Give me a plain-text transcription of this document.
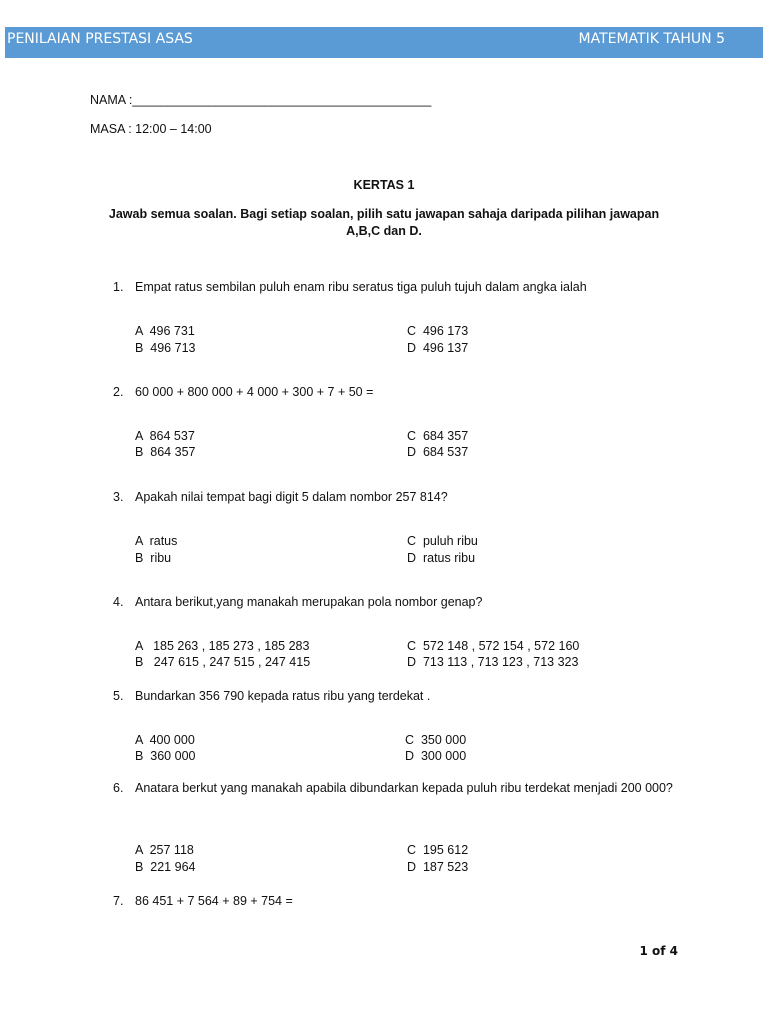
PENILAIAN PRESTASI ASAS	MATEMATIK TAHUN 5
NAMA :___________________________________________
MASA : 12:00 – 14:00
KERTAS 1
Jawab semua soalan. Bagi setiap soalan, pilih satu jawapan sahaja daripada pilihan jawapan A,B,C dan D.
1. Empat ratus sembilan puluh enam ribu seratus tiga puluh tujuh dalam angka ialah
A  496 731
B  496 713
C  496 173
D  496 137
2. 60 000 + 800 000 + 4 000 + 300 + 7 + 50 =
A  864 537
B  864 357
C  684 357
D  684 537
3. Apakah nilai tempat bagi digit 5 dalam nombor 257 814?
A  ratus
B  ribu
C  puluh ribu
D  ratus ribu
4. Antara berikut,yang manakah merupakan pola nombor genap?
A   185 263 , 185 273 , 185 283
B   247 615 , 247 515 , 247 415
C  572 148 , 572 154 , 572 160
D  713 113 , 713 123 , 713 323
5. Bundarkan 356 790 kepada ratus ribu yang terdekat .
A  400 000
B  360 000
C  350 000
D  300 000
6. Anatara berkut yang manakah apabila dibundarkan kepada puluh ribu terdekat menjadi 200 000?
A  257 118
B  221 964
C  195 612
D  187 523
7. 86 451 + 7 564 + 89 + 754 =
1 of 4
